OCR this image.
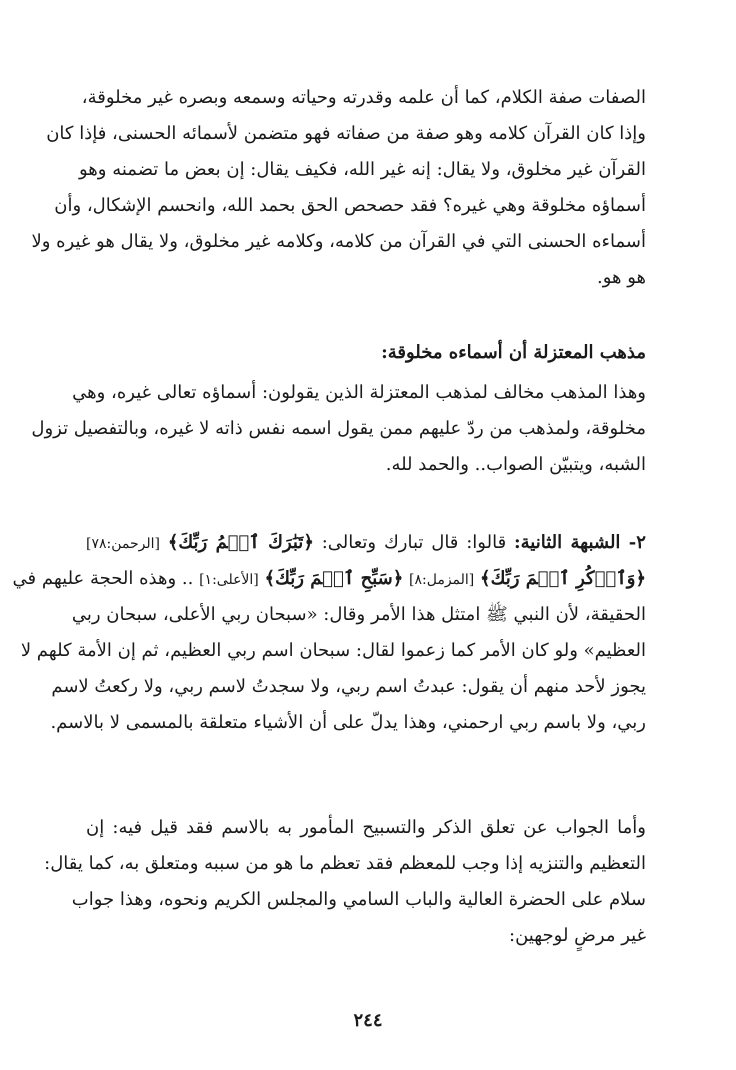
الصفات صفة الكلام، كما أن علمه وقدرته وحياته وسمعه وبصره غير مخلوقة،
وإذا كان القرآن كلامه وهو صفة من صفاته فهو متضمن لأسمائه الحسنى، فإذا كان
القرآن غير مخلوق، ولا يقال: إنه غير الله، فكيف يقال: إن بعض ما تضمنه وهو
أسماؤه مخلوقة وهي غيره؟ فقد حصحص الحق بحمد الله، وانحسم الإشكال، وأن
أسماءه الحسنى التي في القرآن من كلامه، وكلامه غير مخلوق، ولا يقال هو غيره ولا
هو هو.
مذهب المعتزلة أن أسماءه مخلوقة:
وهذا المذهب مخالف لمذهب المعتزلة الذين يقولون: أسماؤه تعالى غيره، وهي
مخلوقة، ولمذهب من ردّ عليهم ممن يقول اسمه نفس ذاته لا غيره، وبالتفصيل تزول
الشبه، ويتبيّن الصواب.. والحمد لله.
٢- الشبهة الثانية: قالوا: قال تبارك وتعالى: ﴿تَبَٰرَكَ ٱسۡمُ رَبِّكَ﴾ [الرحمن:٧٨]
﴿وَٱذۡكُرِ ٱسۡمَ رَبِّكَ﴾ [المزمل:٨] ﴿سَبِّحِ ٱسۡمَ رَبِّكَ﴾ [الأعلى:١] .. وهذه الحجة عليهم في
الحقيقة، لأن النبي ﷺ امتثل هذا الأمر وقال: «سبحان ربي الأعلى، سبحان ربي
العظيم» ولو كان الأمر كما زعموا لقال: سبحان اسم ربي العظيم، ثم إن الأمة كلهم لا
يجوز لأحد منهم أن يقول: عبدتُ اسم ربي، ولا سجدتُ لاسم ربي، ولا ركعتُ لاسم
ربي، ولا باسم ربي ارحمني، وهذا يدلّ على أن الأشياء متعلقة بالمسمى لا بالاسم.
وأما الجواب عن تعلق الذكر والتسبيح المأمور به بالاسم فقد قيل فيه: إن
التعظيم والتنزيه إذا وجب للمعظم فقد تعظم ما هو من سببه ومتعلق به، كما يقال:
سلام على الحضرة العالية والباب السامي والمجلس الكريم ونحوه، وهذا جواب
غير مرضٍ لوجهين:
٢٤٤
